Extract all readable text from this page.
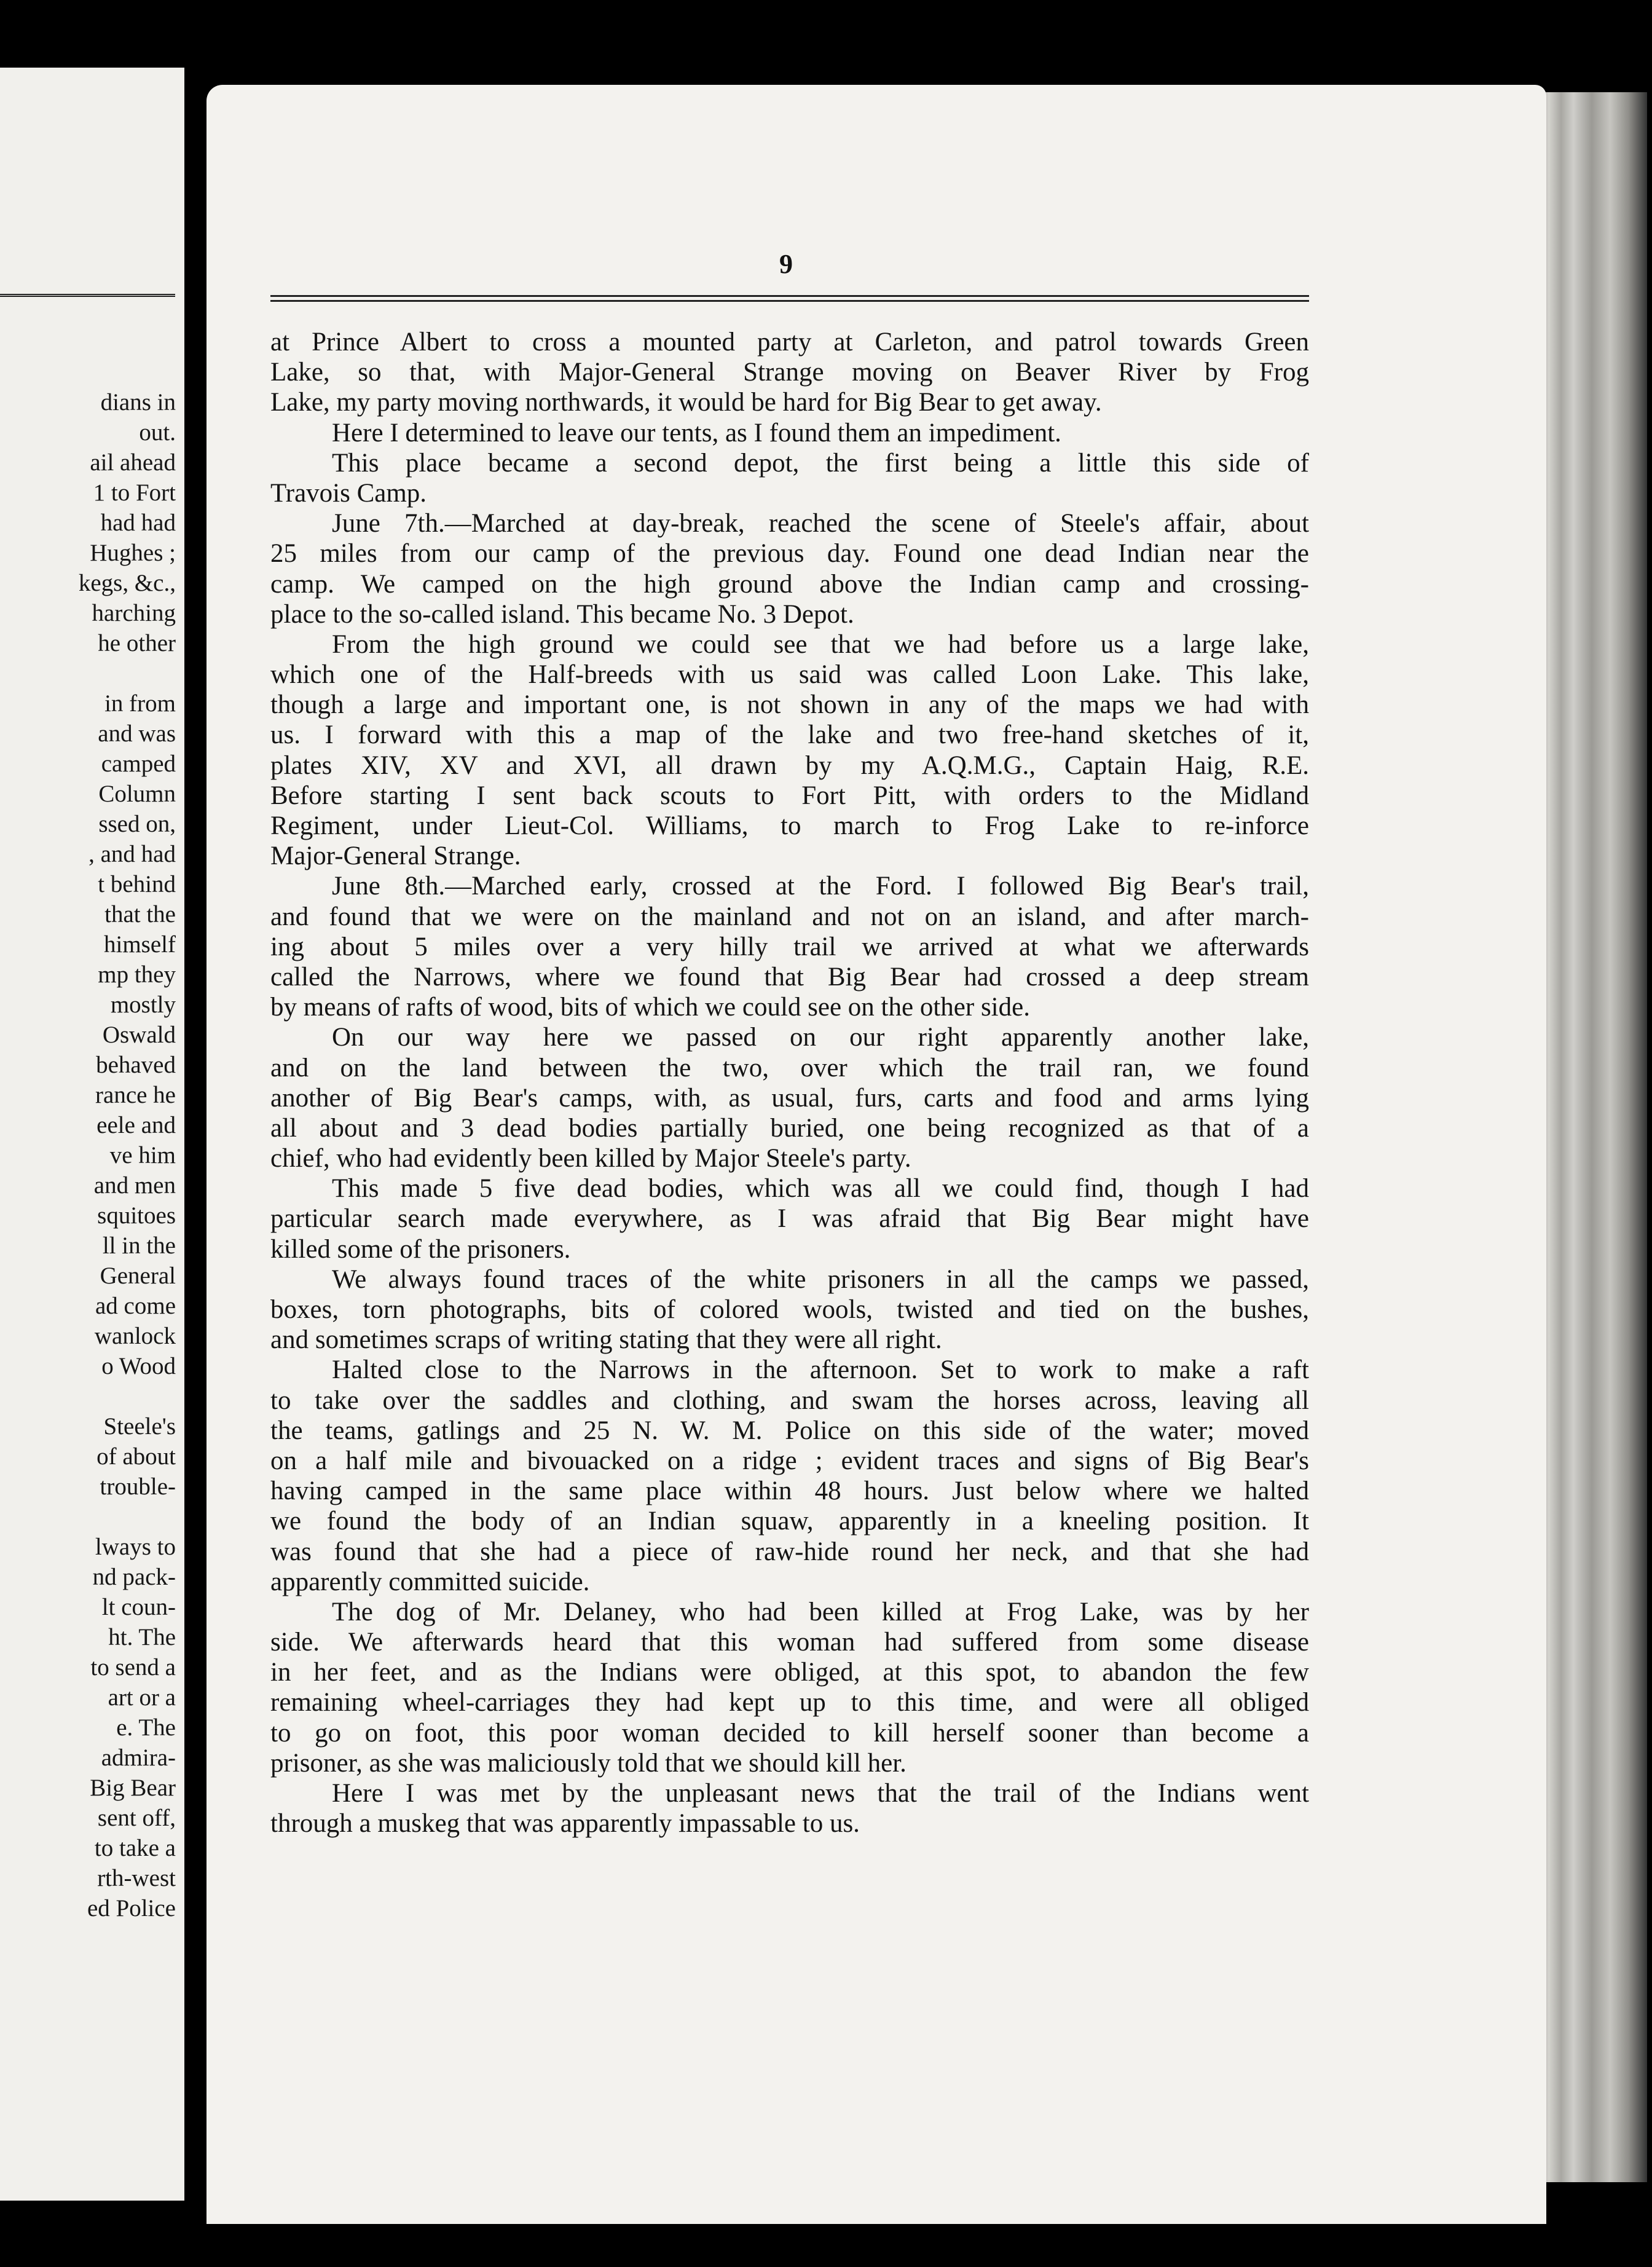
dians in
out.
ail ahead
1 to Fort
had had
Hughes ;
kegs, &c.,
harching
he other
in from
and was
camped
Column
ssed on,
, and had
t behind
that the
himself
mp they
mostly
Oswald
behaved
rance he
eele and
ve him
and men
squitoes
ll in the
General
ad come
wanlock
o Wood
Steele's
of about
trouble-
lways to
nd pack-
lt coun-
ht. The
to send a
art or a
e. The
admira-
Big Bear
sent off,
to take a
rth-west
ed Police
9
at Prince Albert to cross a mounted party at Carleton, and patrol towards Green
Lake, so that, with Major-General Strange moving on Beaver River by Frog
Lake, my party moving northwards, it would be hard for Big Bear to get away.
Here I determined to leave our tents, as I found them an impediment.
This place became a second depot, the first being a little this side of
Travois Camp.
June 7th.—Marched at day-break, reached the scene of Steele's affair, about
25 miles from our camp of the previous day. Found one dead Indian near the
camp. We camped on the high ground above the Indian camp and crossing-
place to the so-called island. This became No. 3 Depot.
From the high ground we could see that we had before us a large lake,
which one of the Half-breeds with us said was called Loon Lake. This lake,
though a large and important one, is not shown in any of the maps we had with
us. I forward with this a map of the lake and two free-hand sketches of it,
plates XIV, XV and XVI, all drawn by my A.Q.M.G., Captain Haig, R.E.
Before starting I sent back scouts to Fort Pitt, with orders to the Midland
Regiment, under Lieut-Col. Williams, to march to Frog Lake to re-inforce
Major-General Strange.
June 8th.—Marched early, crossed at the Ford. I followed Big Bear's trail,
and found that we were on the mainland and not on an island, and after march-
ing about 5 miles over a very hilly trail we arrived at what we afterwards
called the Narrows, where we found that Big Bear had crossed a deep stream
by means of rafts of wood, bits of which we could see on the other side.
On our way here we passed on our right apparently another lake,
and on the land between the two, over which the trail ran, we found
another of Big Bear's camps, with, as usual, furs, carts and food and arms lying
all about and 3 dead bodies partially buried, one being recognized as that of a
chief, who had evidently been killed by Major Steele's party.
This made 5 five dead bodies, which was all we could find, though I had
particular search made everywhere, as I was afraid that Big Bear might have
killed some of the prisoners.
We always found traces of the white prisoners in all the camps we passed,
boxes, torn photographs, bits of colored wools, twisted and tied on the bushes,
and sometimes scraps of writing stating that they were all right.
Halted close to the Narrows in the afternoon. Set to work to make a raft
to take over the saddles and clothing, and swam the horses across, leaving all
the teams, gatlings and 25 N. W. M. Police on this side of the water; moved
on a half mile and bivouacked on a ridge ; evident traces and signs of Big Bear's
having camped in the same place within 48 hours. Just below where we halted
we found the body of an Indian squaw, apparently in a kneeling position. It
was found that she had a piece of raw-hide round her neck, and that she had
apparently committed suicide.
The dog of Mr. Delaney, who had been killed at Frog Lake, was by her
side. We afterwards heard that this woman had suffered from some disease
in her feet, and as the Indians were obliged, at this spot, to abandon the few
remaining wheel-carriages they had kept up to this time, and were all obliged
to go on foot, this poor woman decided to kill herself sooner than become a
prisoner, as she was maliciously told that we should kill her.
Here I was met by the unpleasant news that the trail of the Indians went
through a muskeg that was apparently impassable to us.
